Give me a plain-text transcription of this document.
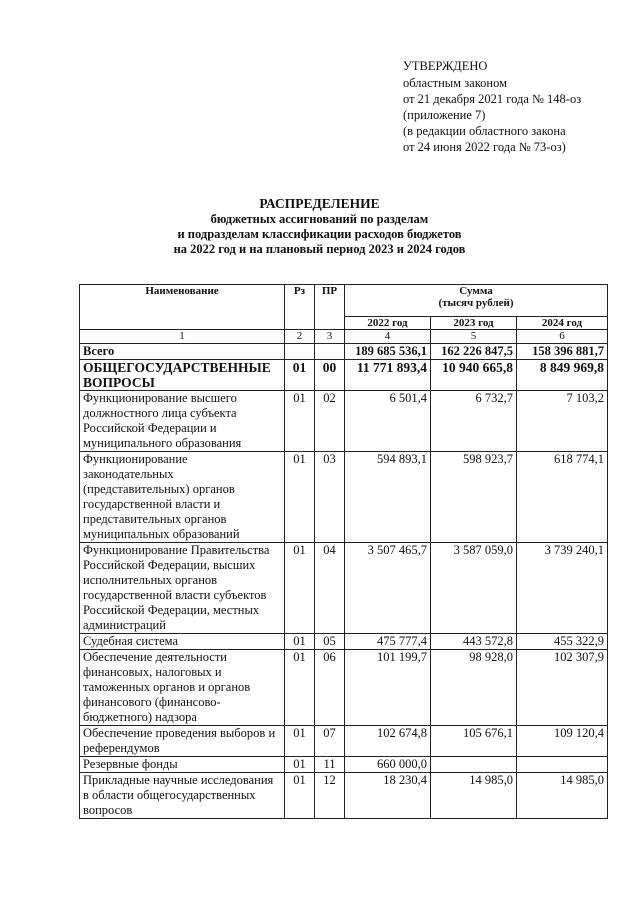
УТВЕРЖДЕНО
областным законом
от 21 декабря 2021 года № 148-оз
(приложение 7)
(в редакции областного закона
от 24 июня 2022 года № 73-оз)
РАСПРЕДЕЛЕНИЕ
бюджетных ассигнований по разделам
и подразделам классификации расходов бюджетов
на 2022 год и на плановый период 2023 и 2024 годов
Наименование	Рз	ПР	Сумма
(тысяч рублей)		

			2022 год	2023 год	2024 год
1	2	3	4	5	6
Всего			189 685 536,1	162 226 847,5	158 396 881,7
ОБЩЕГОСУДАРСТВЕННЫЕ ВОПРОСЫ	01	00	11 771 893,4	10 940 665,8	8 849 969,8
Функционирование высшего должностного лица субъекта Российской Федерации и муниципального образования	01	02	6 501,4	6 732,7	7 103,2
Функционирование законодательных (представительных) органов государственной власти и представительных органов муниципальных образований	01	03	594 893,1	598 923,7	618 774,1
Функционирование Правительства Российской Федерации, высших исполнительных органов государственной власти субъектов Российской Федерации, местных администраций	01	04	3 507 465,7	3 587 059,0	3 739 240,1
Судебная система	01	05	475 777,4	443 572,8	455 322,9
Обеспечение деятельности финансовых, налоговых и таможенных органов и органов финансового (финансово-бюджетного) надзора	01	06	101 199,7	98 928,0	102 307,9
Обеспечение проведения выборов и референдумов	01	07	102 674,8	105 676,1	109 120,4
Резервные фонды	01	11	660 000,0		
Прикладные научные исследования в области общегосударственных вопросов	01	12	18 230,4	14 985,0	14 985,0
